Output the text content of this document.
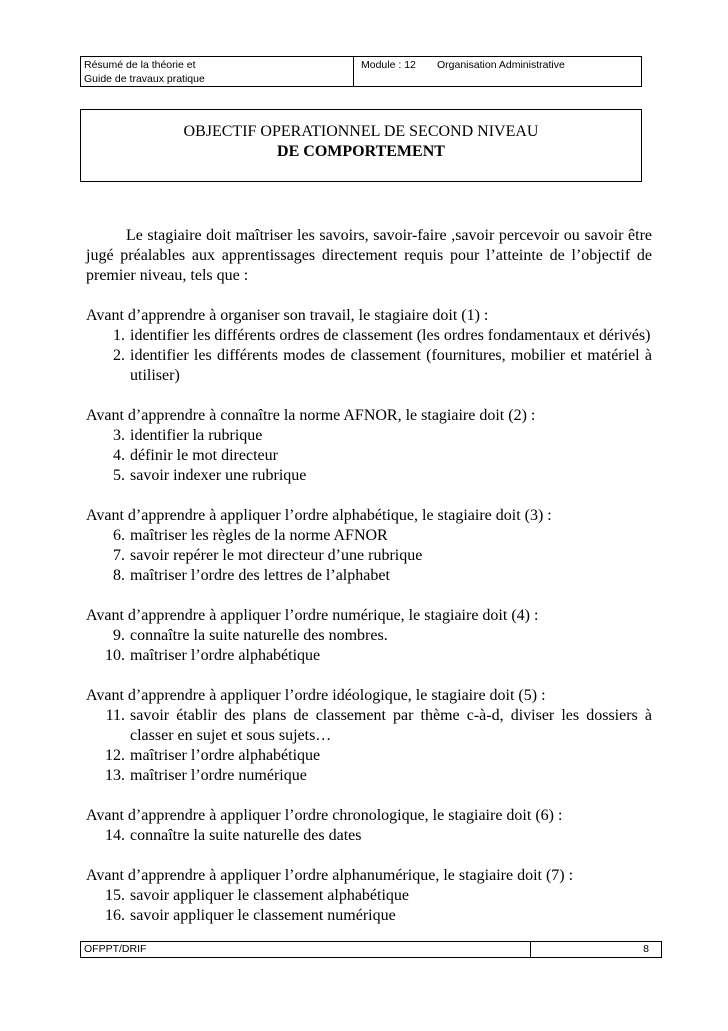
Résumé de la théorie et
Guide de travaux pratique
Module : 12 Organisation Administrative
OBJECTIF OPERATIONNEL DE SECOND NIVEAU
DE COMPORTEMENT

Le stagiaire doit maîtriser les savoirs, savoir-faire ,savoir percevoir ou savoir être jugé préalables aux apprentissages directement requis pour l’atteinte de l’objectif de premier niveau, tels que :

Avant d’apprendre à organiser son travail, le stagiaire doit (1) :

1. identifier les différents ordres de classement (les ordres fondamentaux et dérivés)
2. identifier les différents modes de classement (fournitures, mobilier et matériel à utiliser)

Avant d’apprendre à connaître la norme AFNOR, le stagiaire doit (2) :

3. identifier la rubrique
4. définir le mot directeur
5. savoir indexer une rubrique

Avant d’apprendre à appliquer l’ordre alphabétique, le stagiaire doit (3) :

6. maîtriser les règles de la norme AFNOR
7. savoir repérer le mot directeur d’une rubrique
8. maîtriser l’ordre des lettres de l’alphabet

Avant d’apprendre à appliquer l’ordre numérique, le stagiaire doit (4) :

9. connaître la suite naturelle des nombres.
10. maîtriser l’ordre alphabétique

Avant d’apprendre à appliquer l’ordre idéologique, le stagiaire doit (5) :

11. savoir établir des plans de classement par thème c-à-d, diviser les dossiers à classer en sujet et sous sujets…
12. maîtriser l’ordre alphabétique
13. maîtriser l’ordre numérique

Avant d’apprendre à appliquer l’ordre chronologique, le stagiaire doit (6) :

14. connaître la suite naturelle des dates

Avant d’apprendre à appliquer l’ordre alphanumérique, le stagiaire doit (7) :

15. savoir appliquer le classement alphabétique
16. savoir appliquer le classement numérique
OFPPT/DRIF	8
